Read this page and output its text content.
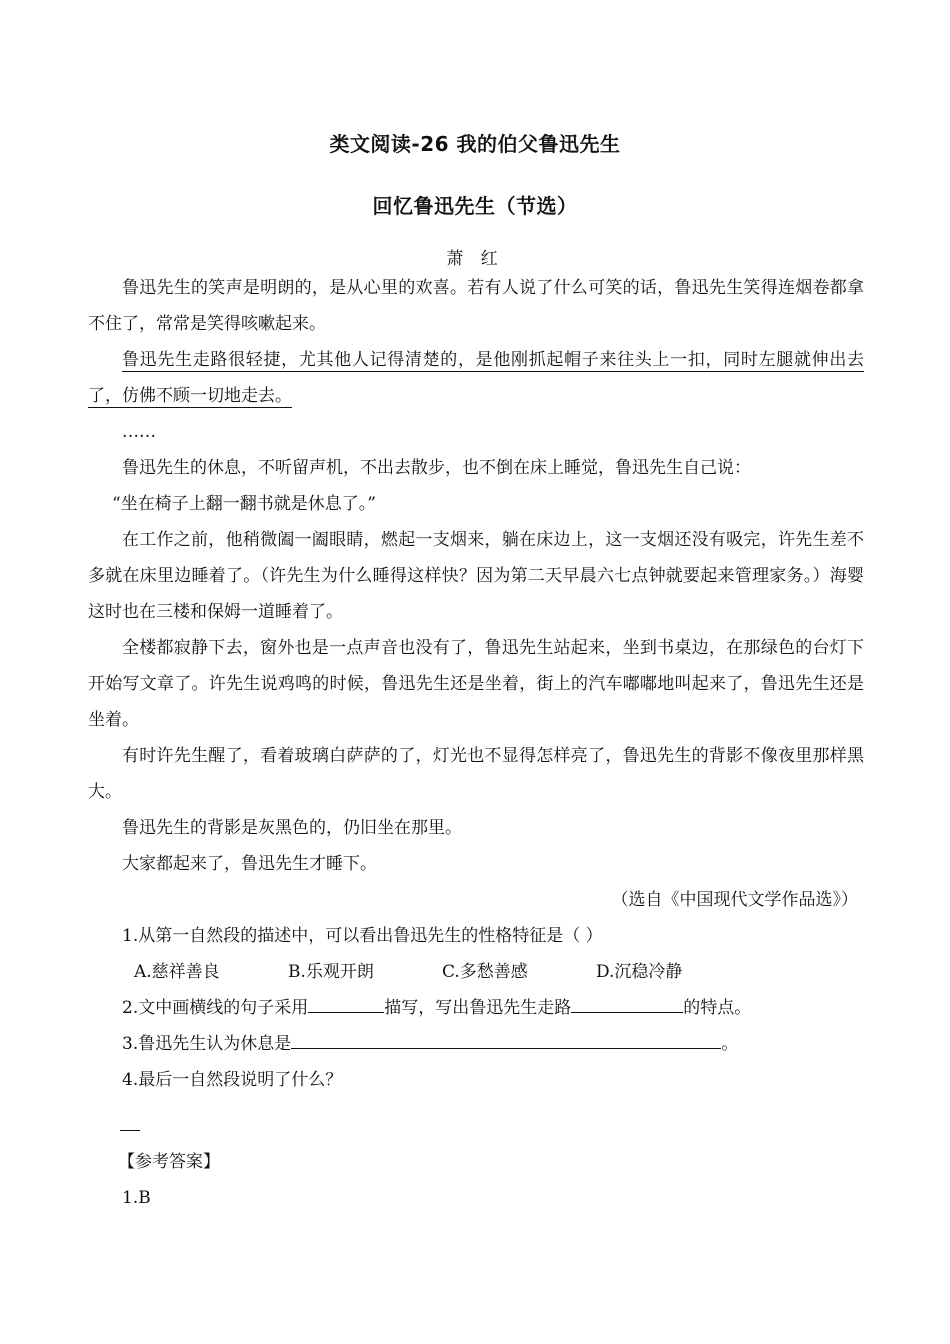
类文阅读-26 我的伯父鲁迅先生
回忆鲁迅先生（节选）
萧 红

鲁迅先生的笑声是明朗的，是从心里的欢喜。若有人说了什么可笑的话，鲁迅先生笑得连烟卷都拿不住了，常常是笑得咳嗽起来。

鲁迅先生走路很轻捷，尤其他人记得清楚的，是他刚抓起帽子来往头上一扣，同时左腿就伸出去了，仿佛不顾一切地走去。

……

鲁迅先生的休息，不听留声机，不出去散步，也不倒在床上睡觉，鲁迅先生自己说：

“坐在椅子上翻一翻书就是休息了。”

在工作之前，他稍微阖一阖眼睛，燃起一支烟来，躺在床边上，这一支烟还没有吸完，许先生差不多就在床里边睡着了。（许先生为什么睡得这样快？因为第二天早晨六七点钟就要起来管理家务。）海婴这时也在三楼和保姆一道睡着了。

全楼都寂静下去，窗外也是一点声音也没有了，鲁迅先生站起来，坐到书桌边，在那绿色的台灯下开始写文章了。许先生说鸡鸣的时候，鲁迅先生还是坐着，街上的汽车嘟嘟地叫起来了，鲁迅先生还是坐着。

有时许先生醒了，看着玻璃白萨萨的了，灯光也不显得怎样亮了，鲁迅先生的背影不像夜里那样黑大。

鲁迅先生的背影是灰黑色的，仍旧坐在那里。

大家都起来了，鲁迅先生才睡下。

（选自《中国现代文学作品选》）

1.从第一自然段的描述中，可以看出鲁迅先生的性格特征是（ ）

A.慈祥善良	B.乐观开朗	C.多愁善感	D.沉稳冷静

2.文中画横线的句子采用	描写，写出鲁迅先生走路	的特点。

3.鲁迅先生认为休息是	。

4.最后一自然段说明了什么？

【参考答案】

1.B
